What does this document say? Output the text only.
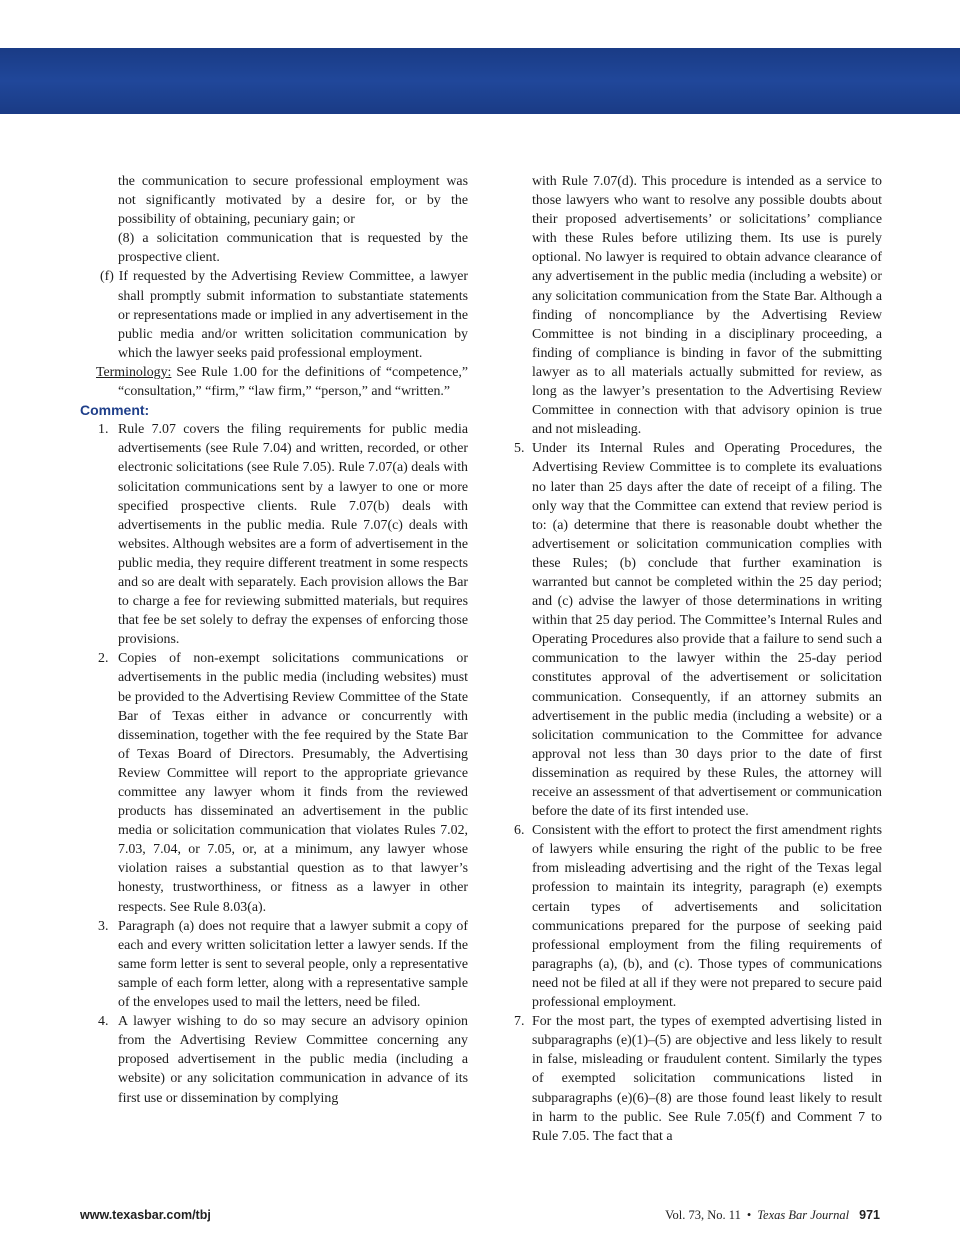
the communication to secure professional employment was not significantly motivated by a desire for, or by the possibility of obtaining, pecuniary gain; or

(8) a solicitation communication that is requested by the prospective client.

(f) If requested by the Advertising Review Committee, a lawyer shall promptly submit information to substantiate statements or representations made or implied in any advertisement in the public media and/or written solicitation communication by which the lawyer seeks paid professional employment.

Terminology: See Rule 1.00 for the definitions of “competence,” “consultation,” “firm,” “law firm,” “person,” and “written.”

Comment:

1. Rule 7.07 covers the filing requirements for public media advertisements (see Rule 7.04) and written, recorded, or other electronic solicitations (see Rule 7.05). Rule 7.07(a) deals with solicitation communications sent by a lawyer to one or more specified prospective clients. Rule 7.07(b) deals with advertisements in the public media. Rule 7.07(c) deals with websites. Although websites are a form of advertisement in the public media, they require different treatment in some respects and so are dealt with separately. Each provision allows the Bar to charge a fee for reviewing submitted materials, but requires that fee be set solely to defray the expenses of enforcing those provisions.
2. Copies of non-exempt solicitations communications or advertisements in the public media (including websites) must be provided to the Advertising Review Committee of the State Bar of Texas either in advance or concurrently with dissemination, together with the fee required by the State Bar of Texas Board of Directors. Presumably, the Advertising Review Committee will report to the appropriate grievance committee any lawyer whom it finds from the reviewed products has disseminated an advertisement in the public media or solicitation communication that violates Rules 7.02, 7.03, 7.04, or 7.05, or, at a minimum, any lawyer whose violation raises a substantial question as to that lawyer’s honesty, trustworthiness, or fitness as a lawyer in other respects. See Rule 8.03(a).
3. Paragraph (a) does not require that a lawyer submit a copy of each and every written solicitation letter a lawyer sends. If the same form letter is sent to several people, only a representative sample of each form letter, along with a representative sample of the envelopes used to mail the letters, need be filed.
4. A lawyer wishing to do so may secure an advisory opinion from the Advertising Review Committee concerning any proposed advertisement in the public media (including a website) or any solicitation communication in advance of its first use or dissemination by complying

with Rule 7.07(d). This procedure is intended as a service to those lawyers who want to resolve any possible doubts about their proposed advertisements’ or solicitations’ compliance with these Rules before utilizing them. Its use is purely optional. No lawyer is required to obtain advance clearance of any advertisement in the public media (including a website) or any solicitation communication from the State Bar. Although a finding of noncompliance by the Advertising Review Committee is not binding in a disciplinary proceeding, a finding of compliance is binding in favor of the submitting lawyer as to all materials actually submitted for review, as long as the lawyer’s presentation to the Advertising Review Committee in connection with that advisory opinion is true and not misleading.

5. Under its Internal Rules and Operating Procedures, the Advertising Review Committee is to complete its evaluations no later than 25 days after the date of receipt of a filing. The only way that the Committee can extend that review period is to: (a) determine that there is reasonable doubt whether the advertisement or solicitation communication complies with these Rules; (b) conclude that further examination is warranted but cannot be completed within the 25 day period; and (c) advise the lawyer of those determinations in writing within that 25 day period. The Committee’s Internal Rules and Operating Procedures also provide that a failure to send such a communication to the lawyer within the 25-day period constitutes approval of the advertisement or solicitation communication. Consequently, if an attorney submits an advertisement in the public media (including a website) or a solicitation communication to the Committee for advance approval not less than 30 days prior to the date of first dissemination as required by these Rules, the attorney will receive an assessment of that advertisement or communication before the date of its first intended use.
6. Consistent with the effort to protect the first amendment rights of lawyers while ensuring the right of the public to be free from misleading advertising and the right of the Texas legal profession to maintain its integrity, paragraph (e) exempts certain types of advertisements and solicitation communications prepared for the purpose of seeking paid professional employment from the filing requirements of paragraphs (a), (b), and (c). Those types of communications need not be filed at all if they were not prepared to secure paid professional employment.
7. For the most part, the types of exempted advertising listed in subparagraphs (e)(1)–(5) are objective and less likely to result in false, misleading or fraudulent content. Similarly the types of exempted solicitation communications listed in subparagraphs (e)(6)–(8) are those found least likely to result in harm to the public. See Rule 7.05(f) and Comment 7 to Rule 7.05. The fact that a
www.texasbar.com/tbj	Vol. 73, No. 11 • Texas Bar Journal 971
